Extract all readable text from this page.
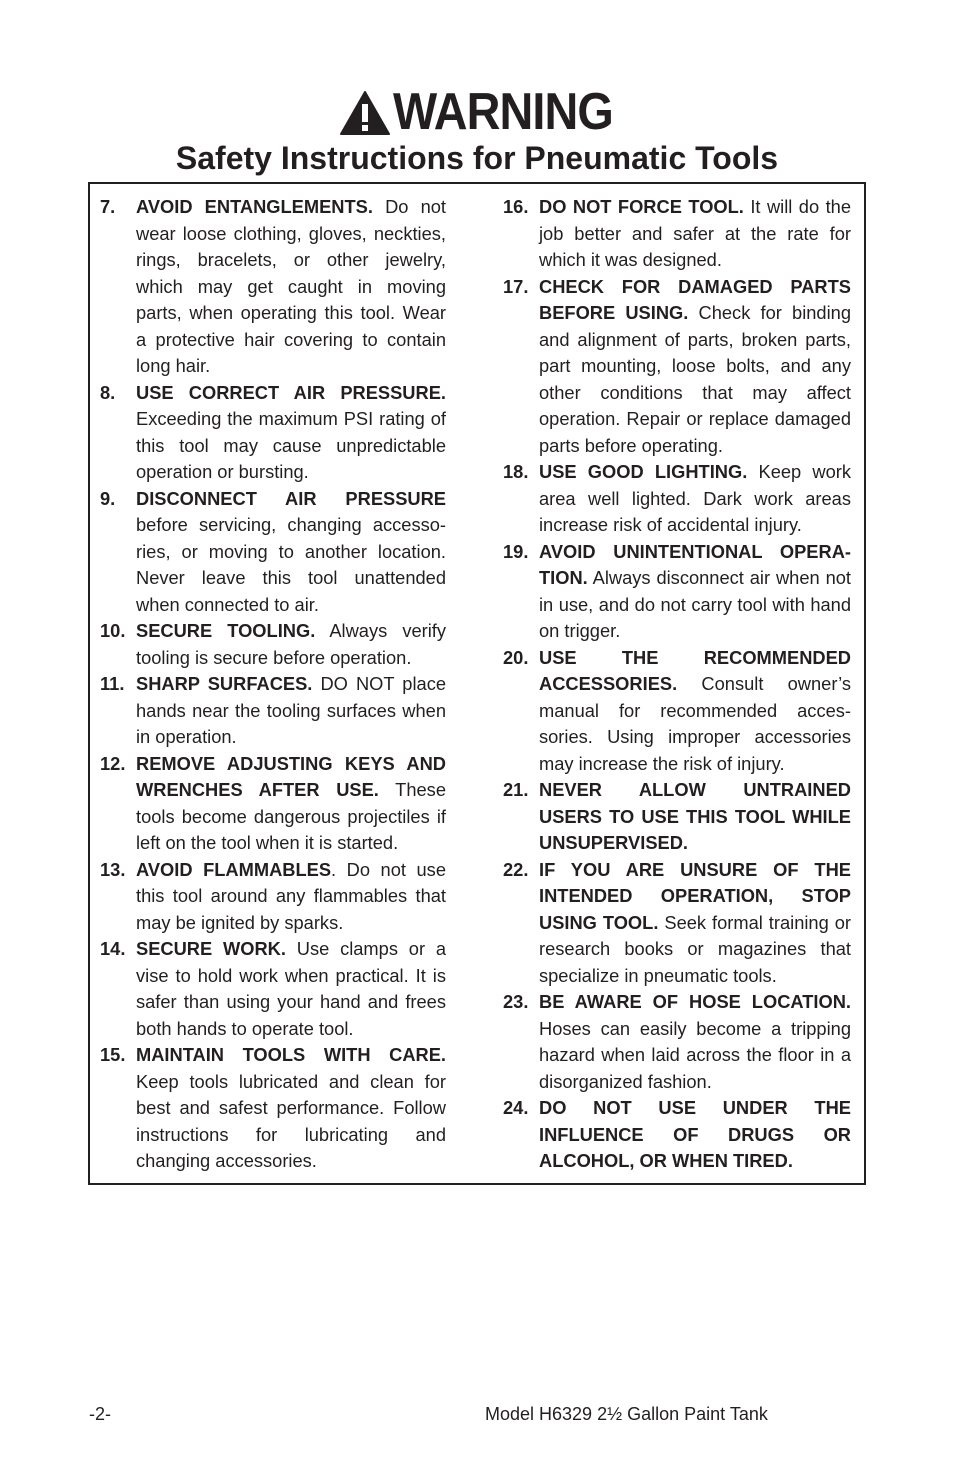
WARNING
Safety Instructions for Pneumatic Tools
7.	AVOID ENTANGLEMENTS. Do not wear loose clothing, gloves, neckties, rings, bracelets, or other jewelry, which may get caught in moving parts, when operating this tool. Wear a protective hair covering to contain long hair.
8.	USE CORRECT AIR PRESSURE. Exceeding the maximum PSI rating of this tool may cause unpredictable operation or bursting.
9.	DISCONNECT AIR PRESSURE before servicing, changing accessories, or moving to another location. Never leave this tool unattended when connected to air.
10. SECURE TOOLING. Always verify tooling is secure before operation.
11. SHARP SURFACES. DO NOT place hands near the tooling surfaces when in operation.
12. REMOVE ADJUSTING KEYS AND WRENCHES AFTER USE. These tools become dangerous projectiles if left on the tool when it is started.
13. AVOID FLAMMABLES. Do not use this tool around any flammables that may be ignited by sparks.
14. SECURE WORK. Use clamps or a vise to hold work when practical. It is safer than using your hand and frees both hands to operate tool.
15. MAINTAIN TOOLS WITH CARE. Keep tools lubricated and clean for best and safest performance. Follow instructions for lubricating and changing accessories.
16. DO NOT FORCE TOOL. It will do the job better and safer at the rate for which it was designed.
17. CHECK FOR DAMAGED PARTS BEFORE USING. Check for binding and alignment of parts, broken parts, part mounting, loose bolts, and any other conditions that may affect operation. Repair or replace damaged parts before operating.
18. USE GOOD LIGHTING. Keep work area well lighted. Dark work areas increase risk of accidental injury.
19. AVOID UNINTENTIONAL OPERATION. Always disconnect air when not in use, and do not carry tool with hand on trigger.
20. USE THE RECOMMENDED ACCESSORIES. Consult owner’s manual for recommended accessories. Using improper accessories may increase the risk of injury.
21. NEVER ALLOW UNTRAINED USERS TO USE THIS TOOL WHILE UNSUPERVISED.
22. IF YOU ARE UNSURE OF THE INTENDED OPERATION, STOP USING TOOL. Seek formal training or research books or magazines that specialize in pneumatic tools.
23. BE AWARE OF HOSE LOCATION. Hoses can easily become a tripping hazard when laid across the floor in a disorganized fashion.
24. DO NOT USE UNDER THE INFLUENCE OF DRUGS OR ALCOHOL, OR WHEN TIRED.
-2-	Model H6329 2½ Gallon Paint Tank
